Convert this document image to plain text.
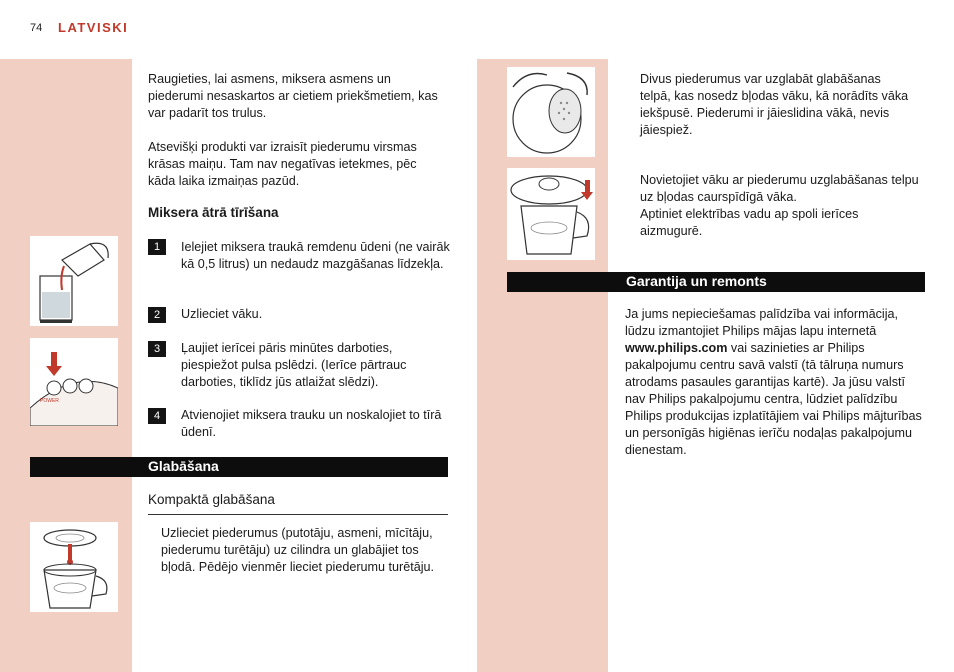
74 LATVISKI
Raugieties, lai asmens, miksera asmens un piederumi nesaskartos ar cietiem priekšmetiem, kas var padarīt tos trulus.
Atsevišķi produkti var izraisīt piederumu virsmas krāsas maiņu. Tam nav negatīvas ietekmes, pēc kāda laika izmaiņas pazūd.
Miksera ātrā tīrīšana
1	Ielejiet miksera traukā remdenu ūdeni (ne vairāk kā 0,5 litrus) un nedaudz mazgāšanas līdzekļa.
2	Uzlieciet vāku.
POWER
3	Ļaujiet ierīcei pāris minūtes darboties, piespiežot pulsa pslēdzi. (Ierīce pārtrauc darboties, tiklīdz jūs atlaižat slēdzi).
4	Atvienojiet miksera trauku un noskalojiet to tīrā ūdenī.
Glabāšana
Kompaktā glabāšana
Uzlieciet piederumus (putotāju, asmeni, mīcītāju, piederumu turētāju) uz cilindra un glabājiet tos bļodā. Pēdējo vienmēr lieciet piederumu turētāju.
Divus piederumus var uzglabāt glabāšanas telpā, kas nosedz bļodas vāku, kā norādīts vāka iekšpusē. Piederumi ir jāieslidina vākā, nevis jāiespiež.
Novietojiet vāku ar piederumu uzglabāšanas telpu uz bļodas caurspīdīgā vāka.
Aptiniet elektrības vadu ap spoli ierīces aizmugurē.
Garantija un remonts
Ja jums nepieciešamas palīdzība vai informācija, lūdzu izmantojiet Philips mājas lapu internetā www.philips.com vai sazinieties ar Philips pakalpojumu centru savā valstī (tā tālruņa numurs atrodams pasaules garantijas kartē). Ja jūsu valstī nav Philips pakalpojumu centra, lūdziet palīdzību Philips produkcijas izplatītājiem vai Philips mājturības un personīgās higiēnas ierīču nodaļas pakalpojumu dienestam.
